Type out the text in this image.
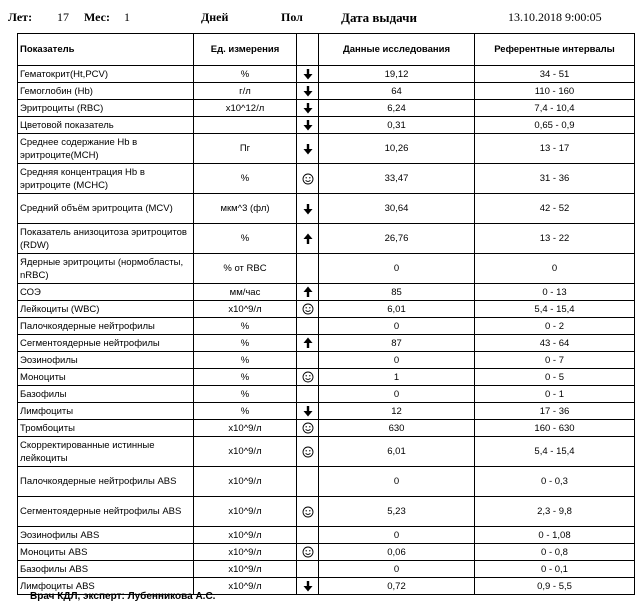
Лет: 17 Мес: 1	Дней	Пол	Дата выдачи	13.10.2018 9:00:05
Показатель	Ед. измерения		Данные исследования	Референтные интервалы
Гематокрит(Ht,PCV)	%		19,12	34 - 51
Гемоглобин (Hb)	г/л		64	110 - 160
Эритроциты (RBC)	x10^12/л		6,24	7,4 - 10,4
Цветовой показатель			0,31	0,65 - 0,9
Среднее содержание Hb в эритроците(MCH)	Пг		10,26	13 - 17
Средняя концентрация Hb в эритроците (MCHC)	%		33,47	31 - 36
Средний объём эритроцита (MCV)	мкм^3 (фл)		30,64	42 - 52
Показатель анизоцитоза эритроцитов (RDW)	%		26,76	13 - 22
Ядерные эритроциты (нормобласты, nRBC)	% от RBC		0	0
СОЭ	мм/час		85	0 - 13
Лейкоциты (WBC)	x10^9/л		6,01	5,4 - 15,4
Палочкоядерные нейтрофилы	%		0	0 - 2
Сегментоядерные нейтрофилы	%		87	43 - 64
Эозинофилы	%		0	0 - 7
Моноциты	%		1	0 - 5
Базофилы	%		0	0 - 1
Лимфоциты	%		12	17 - 36
Тромбоциты	x10^9/л		630	160 - 630
Скорректированные истинные лейкоциты	x10^9/л		6,01	5,4 - 15,4
Палочкоядерные нейтрофилы ABS	x10^9/л		0	0 - 0,3
Сегментоядерные нейтрофилы ABS	x10^9/л		5,23	2,3 - 9,8
Эозинофилы ABS	x10^9/л		0	0 - 1,08
Моноциты ABS	x10^9/л		0,06	0 - 0,8
Базофилы ABS	x10^9/л		0	0 - 0,1
Лимфоциты ABS	x10^9/л		0,72	0,9 - 5,5
Врач КДЛ, эксперт: Лубенникова А.С.
